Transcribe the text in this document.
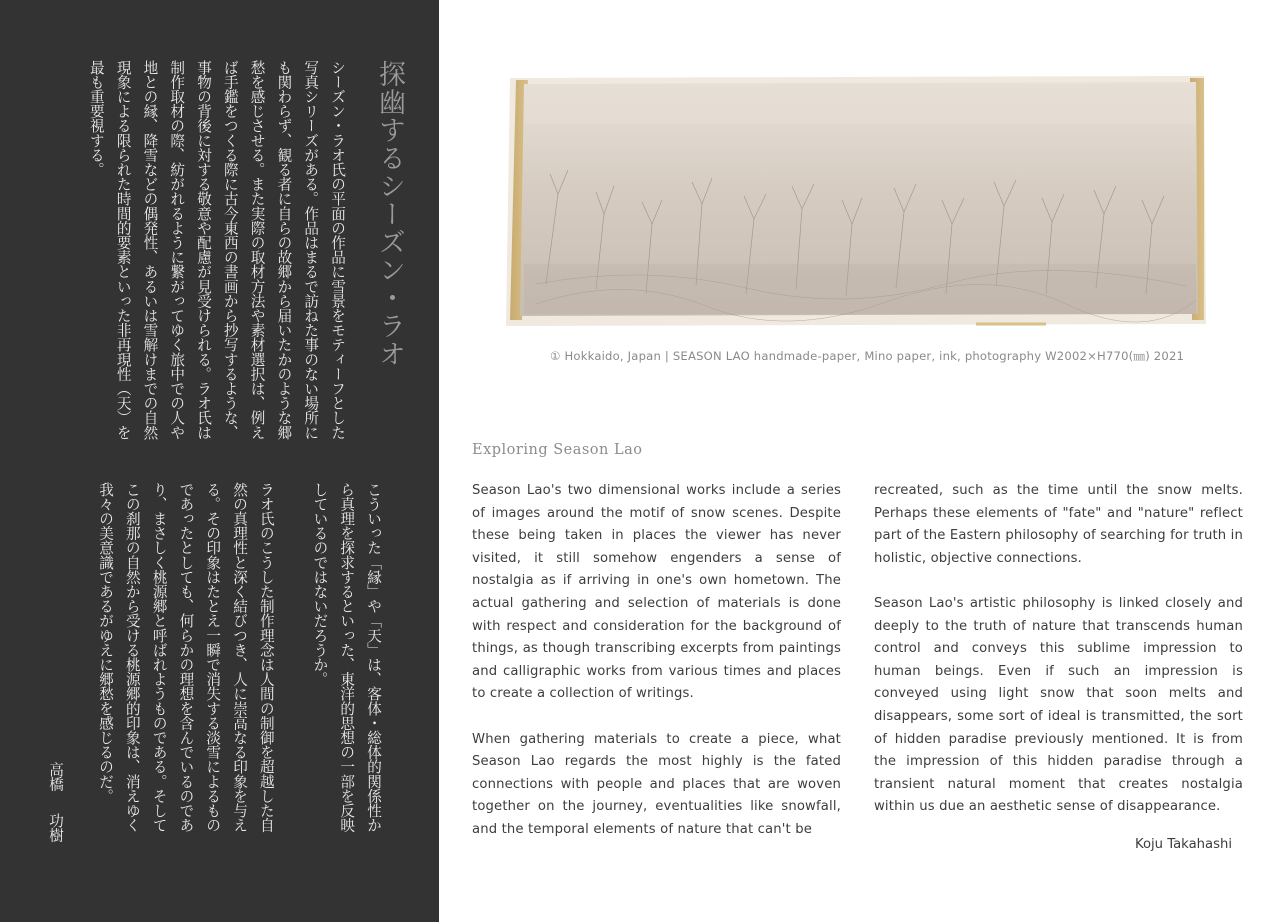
探幽するシーズン・ラオ
シーズン・ラオ氏の平面の作品に雪景をモティーフとした写真シリーズがある。作品はまるで訪ねた事のない場所にも関わらず、観る者に自らの故郷から届いたかのような郷愁を感じさせる。また実際の取材方法や素材選択は、例えば手鑑をつくる際に古今東西の書画から抄写するような、事物の背後に対する敬意や配慮が見受けられる。ラオ氏は制作取材の際、紡がれるように繋がってゆく旅中での人や地との縁、降雪などの偶発性、あるいは雪解けまでの自然現象による限られた時間的要素といった非再現性（天）を最も重要視する。
こういった「縁」や「天」は、客体・総体的関係性から真理を探求するといった、東洋的思想の一部を反映しているのではないだろうか。

ラオ氏のこうした制作理念は人間の制御を超越した自然の真理性と深く結びつき、人に崇高なる印象を与える。その印象はたとえ一瞬で消失する淡雪によるものであったとしても、何らかの理想を含んでいるのであり、まさしく桃源郷と呼ばれようものである。そしてこの刹那の自然から受ける桃源郷的印象は、消えゆく我々の美意識であるがゆえに郷愁を感じるのだ。
高橋功樹
① Hokkaido, Japan | SEASON LAO handmade-paper, Mino paper, ink, photography W2002×H770(㎜) 2021
Exploring Season Lao

Season Lao's two dimensional works include a series of images around the motif of snow scenes. Despite these being taken in places the viewer has never visited, it still somehow engenders a sense of nostalgia as if arriving in one's own hometown. The actual gathering and selection of materials is done with respect and consideration for the background of things, as though transcribing excerpts from paintings and calligraphic works from various times and places to create a collection of writings.

When gathering materials to create a piece, what Season Lao regards the most highly is the fated connections with people and places that are woven together on the journey, eventualities like snowfall, and the temporal elements of nature that can't be

recreated, such as the time until the snow melts. Perhaps these elements of "fate" and "nature" reflect part of the Eastern philosophy of searching for truth in holistic, objective connections.

Season Lao's artistic philosophy is linked closely and deeply to the truth of nature that transcends human control and conveys this sublime impression to human beings. Even if such an impression is conveyed using light snow that soon melts and disappears, some sort of ideal is transmitted, the sort of hidden paradise previously mentioned. It is from the impression of this hidden paradise through a transient natural moment that creates nostalgia within us due an aesthetic sense of disappearance.

Koju Takahashi
